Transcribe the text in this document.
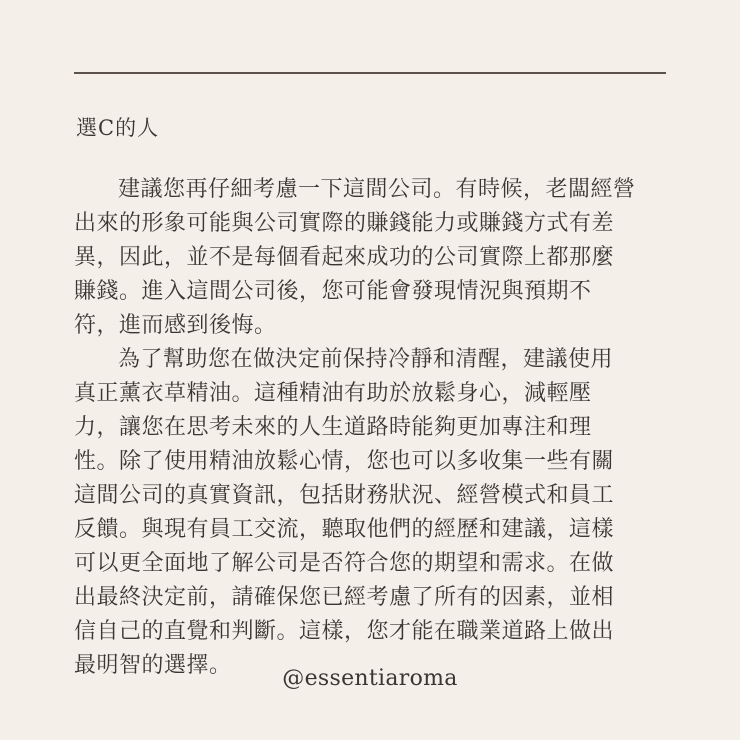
選C的人

建議您再仔細考慮一下這間公司。有時候，老闆經營
出來的形象可能與公司實際的賺錢能力或賺錢方式有差
異，因此，並不是每個看起來成功的公司實際上都那麼
賺錢。進入這間公司後，您可能會發現情況與預期不
符，進而感到後悔。

為了幫助您在做決定前保持冷靜和清醒，建議使用
真正薰衣草精油。這種精油有助於放鬆身心，減輕壓
力，讓您在思考未來的人生道路時能夠更加專注和理
性。除了使用精油放鬆心情，您也可以多收集一些有關
這間公司的真實資訊，包括財務狀況、經營模式和員工
反饋。與現有員工交流，聽取他們的經歷和建議，這樣
可以更全面地了解公司是否符合您的期望和需求。在做
出最終決定前，請確保您已經考慮了所有的因素，並相
信自己的直覺和判斷。這樣，您才能在職業道路上做出
最明智的選擇。

@essentiaroma
